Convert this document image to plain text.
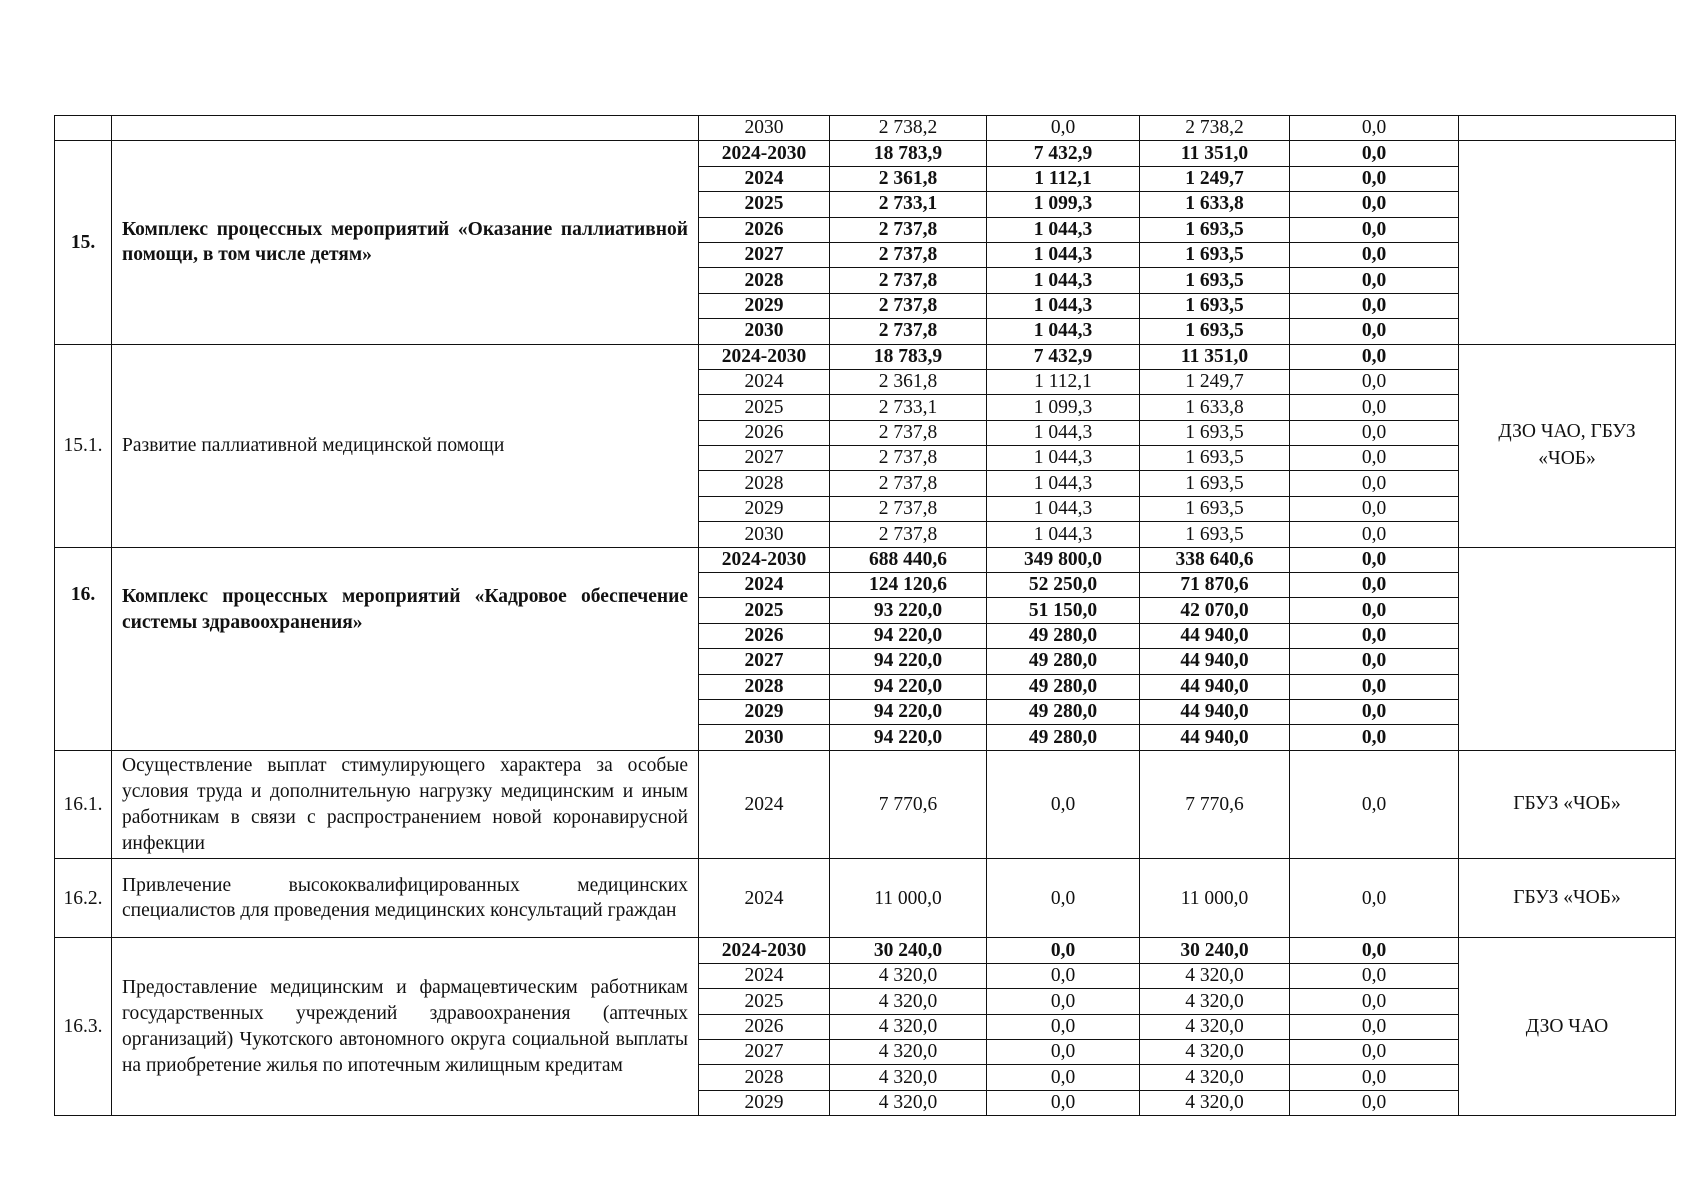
		2030	2 738,2	0,0	2 738,2	0,0	
15.	Комплекс процессных мероприятий «Оказание паллиативной помощи, в том числе детям»	2024-2030	18 783,9	7 432,9	11 351,0	0,0	
		2024	2 361,8	1 112,1	1 249,7	0,0	
		2025	2 733,1	1 099,3	1 633,8	0,0	
		2026	2 737,8	1 044,3	1 693,5	0,0	
		2027	2 737,8	1 044,3	1 693,5	0,0	
		2028	2 737,8	1 044,3	1 693,5	0,0	
		2029	2 737,8	1 044,3	1 693,5	0,0	
		2030	2 737,8	1 044,3	1 693,5	0,0	
15.1.	Развитие паллиативной медицинской помощи	2024-2030	18 783,9	7 432,9	11 351,0	0,0	ДЗО ЧАО, ГБУЗ «ЧОБ»
		2024	2 361,8	1 112,1	1 249,7	0,0	
		2025	2 733,1	1 099,3	1 633,8	0,0	
		2026	2 737,8	1 044,3	1 693,5	0,0	
		2027	2 737,8	1 044,3	1 693,5	0,0	
		2028	2 737,8	1 044,3	1 693,5	0,0	
		2029	2 737,8	1 044,3	1 693,5	0,0	
		2030	2 737,8	1 044,3	1 693,5	0,0	
16.	Комплекс процессных мероприятий «Кадровое обеспечение системы здравоохранения»	2024-2030	688 440,6	349 800,0	338 640,6	0,0	
		2024	124 120,6	52 250,0	71 870,6	0,0	
		2025	93 220,0	51 150,0	42 070,0	0,0	
		2026	94 220,0	49 280,0	44 940,0	0,0	
		2027	94 220,0	49 280,0	44 940,0	0,0	
		2028	94 220,0	49 280,0	44 940,0	0,0	
		2029	94 220,0	49 280,0	44 940,0	0,0	
		2030	94 220,0	49 280,0	44 940,0	0,0	
16.1.	Осуществление выплат стимулирующего характера за особые условия труда и дополнительную нагрузку медицинским и иным работникам в связи с распространением новой коронавирусной инфекции	2024	7 770,6	0,0	7 770,6	0,0	ГБУЗ «ЧОБ»
16.2.	Привлечение высококвалифицированных медицинских специалистов для проведения медицинских консультаций граждан	2024	11 000,0	0,0	11 000,0	0,0	ГБУЗ «ЧОБ»
16.3.	Предоставление медицинским и фармацевтическим работникам государственных учреждений здравоохранения (аптечных организаций) Чукотского автономного округа социальной выплаты на приобретение жилья по ипотечным жилищным кредитам	2024-2030	30 240,0	0,0	30 240,0	0,0	ДЗО ЧАО
		2024	4 320,0	0,0	4 320,0	0,0	
		2025	4 320,0	0,0	4 320,0	0,0	
		2026	4 320,0	0,0	4 320,0	0,0	
		2027	4 320,0	0,0	4 320,0	0,0	
		2028	4 320,0	0,0	4 320,0	0,0	
		2029	4 320,0	0,0	4 320,0	0,0	
